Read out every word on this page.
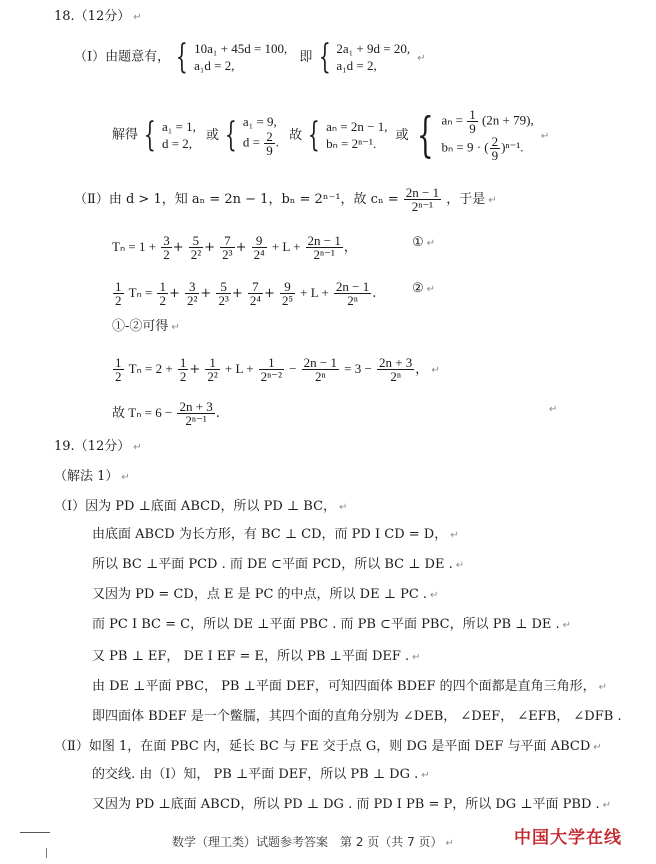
18.（12分） ↵
（Ⅰ）由题意有， { 10a₁ + 45d = 100,
a₁d = 2,
即 { 2a₁ + 9d = 20,
a₁d = 2,	↵
解得 { a₁ = 1,
d = 2,
或 { a₁ = 9,
$d = \frac{2}{9}$ . 故 { aₙ = 2n − 1,
bₙ = 2ⁿ⁻¹.
或 { $a_n = \frac{1}{9} (2n + 79)$,
bₙ = 9 · ( $\frac{2}{9} )^{n-1}$.
↵
（Ⅱ）由 d > 1，知 aₙ = 2n − 1，bₙ = 2ⁿ⁻¹，故 $c_n = \frac{2n - 1}{\text{2ⁿ⁻¹}}$ ，于是 ↵
$T_n = 1 + \frac{3}{2} + \frac{5}{\text{2²}} + \frac{7}{\text{2³}} + \frac{9}{\text{2⁴}} + L + \frac{2n - 1}{\text{2ⁿ⁻¹}}$ ，	① ↵
$\frac{1}{2}$ $T_n = \frac{1}{2} + \frac{3}{\text{2²}} + \frac{5}{\text{2³}} + \frac{7}{\text{2⁴}} + \frac{9}{\text{2⁵}} + L + \frac{2n - 1}{\text{2ⁿ}}$ .	② ↵
①-②可得 ↵
$\frac{1}{2}$ $T_n = 2 + \frac{1}{2} + \frac{1}{\text{2²}} + L + \frac{1}{\text{2ⁿ⁻²}} - \frac{2n - 1}{\text{2ⁿ}} = 3 - \frac{2n + 3}{\text{2ⁿ}}$ ， ↵
故 $T_n = 6 - \frac{2n + 3}{\text{2ⁿ⁻¹}}$ .	↵
19.（12分） ↵
（解法 1） ↵
（Ⅰ）因为 PD ⊥底面 ABCD，所以 PD ⊥ BC， ↵
由底面 ABCD 为长方形，有 BC ⊥ CD，而 PD I CD = D， ↵
所以 BC ⊥平面 PCD . 而 DE ⊂平面 PCD，所以 BC ⊥ DE . ↵
又因为 PD = CD，点 E 是 PC 的中点，所以 DE ⊥ PC . ↵
而 PC I BC = C，所以 DE ⊥平面 PBC . 而 PB ⊂平面 PBC，所以 PB ⊥ DE . ↵
又 PB ⊥ EF， DE I EF = E，所以 PB ⊥平面 DEF . ↵
由 DE ⊥平面 PBC， PB ⊥平面 DEF，可知四面体 BDEF 的四个面都是直角三角形， ↵
即四面体 BDEF 是一个鳖臑，其四个面的直角分别为 ∠DEB， ∠DEF， ∠EFB， ∠DFB .
（Ⅱ）如图 1，在面 PBC 内，延长 BC 与 FE 交于点 G，则 DG 是平面 DEF 与平面 ABCD ↵
的交线. 由（Ⅰ）知， PB ⊥平面 DEF，所以 PB ⊥ DG . ↵
又因为 PD ⊥底面 ABCD，所以 PD ⊥ DG . 而 PD I PB = P，所以 DG ⊥平面 PBD . ↵
数学（理工类）试题参考答案　第 2 页（共 7 页） ↵	中国大学在线
